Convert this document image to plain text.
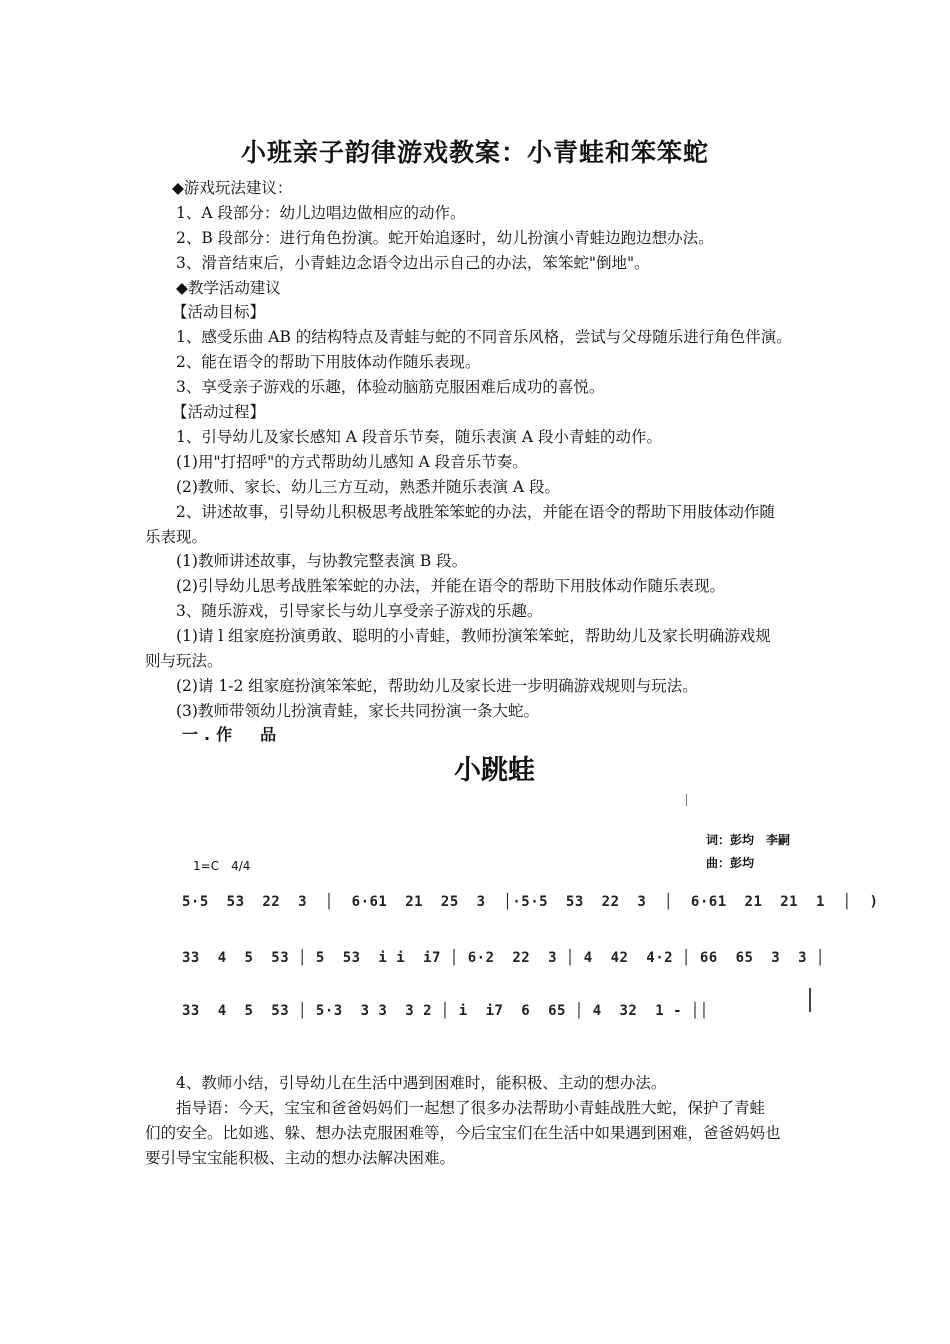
小班亲子韵律游戏教案：小青蛙和笨笨蛇
◆游戏玩法建议：
1、A 段部分：幼儿边唱边做相应的动作。
2、B 段部分：进行角色扮演。蛇开始追逐时，幼儿扮演小青蛙边跑边想办法。
3、滑音结束后，小青蛙边念语令边出示自己的办法，笨笨蛇"倒地"。
◆教学活动建议
【活动目标】
1、感受乐曲 AB 的结构特点及青蛙与蛇的不同音乐风格，尝试与父母随乐进行角色伴演。
2、能在语令的帮助下用肢体动作随乐表现。
3、享受亲子游戏的乐趣，体验动脑筋克服困难后成功的喜悦。
【活动过程】
1、引导幼儿及家长感知 A 段音乐节奏，随乐表演 A 段小青蛙的动作。
(1)用"打招呼"的方式帮助幼儿感知 A 段音乐节奏。
(2)教师、家长、幼儿三方互动，熟悉并随乐表演 A 段。
2、讲述故事，引导幼儿积极思考战胜笨笨蛇的办法，并能在语令的帮助下用肢体动作随
乐表现。
(1)教师讲述故事，与协教完整表演 B 段。
(2)引导幼儿思考战胜笨笨蛇的办法，并能在语令的帮助下用肢体动作随乐表现。
3、随乐游戏，引导家长与幼儿享受亲子游戏的乐趣。
(1)请 l 组家庭扮演勇敢、聪明的小青蛙，教师扮演笨笨蛇，帮助幼儿及家长明确游戏规
则与玩法。
(2)请 1-2 组家庭扮演笨笨蛇，帮助幼儿及家长进一步明确游戏规则与玩法。
(3)教师带领幼儿扮演青蛙，家长共同扮演一条大蛇。
一.作　品
小跳蛙
词：彭均　李嗣
曲：彭均
1=C　4/4
5·5  53  22  3  │  6·61  21  25  3  │·5·5  53  22  3  │  6·61  21  21  1  │  )
33  4  5  53 │ 5  53  i i  i7 │ 6·2  22  3 │ 4  42  4·2 │ 66  65  3  3 │
33  4  5  53 │ 5·3  3 3  3 2 │ i  i7  6  65 │ 4  32  1 - ││
4、教师小结，引导幼儿在生活中遇到困难时，能积极、主动的想办法。
指导语：今天，宝宝和爸爸妈妈们一起想了很多办法帮助小青蛙战胜大蛇，保护了青蛙
们的安全。比如逃、躲、想办法克服困难等，今后宝宝们在生活中如果遇到困难，爸爸妈妈也
要引导宝宝能积极、主动的想办法解决困难。
